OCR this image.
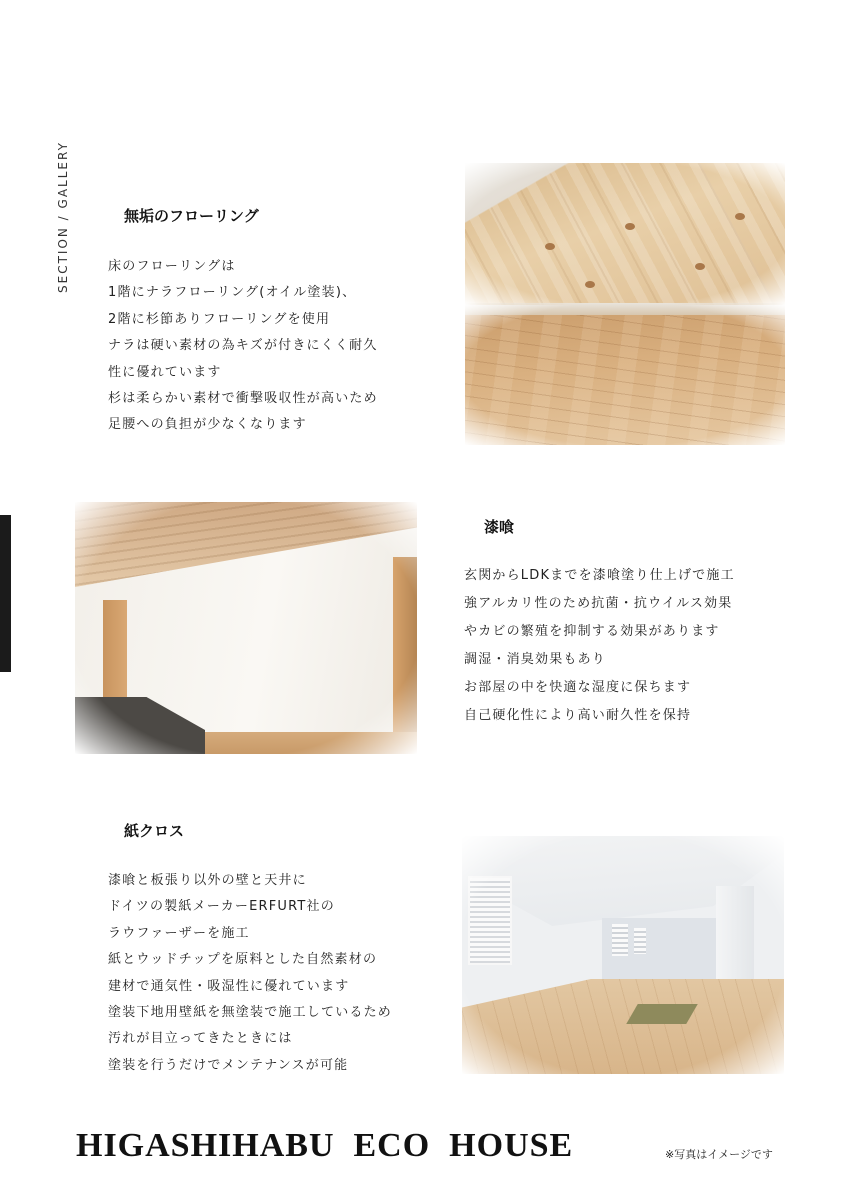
SECTION / GALLERY	無垢のフローリング
床のフローリングは
1階にナラフローリング(オイル塗装)、
2階に杉節ありフローリングを使用
ナラは硬い素材の為キズが付きにくく耐久
性に優れています
杉は柔らかい素材で衝撃吸収性が高いため
足腰への負担が少なくなります
漆喰
玄関からLDKまでを漆喰塗り仕上げで施工
強アルカリ性のため抗菌・抗ウイルス効果
やカビの繁殖を抑制する効果があります
調湿・消臭効果もあり
お部屋の中を快適な湿度に保ちます
自己硬化性により高い耐久性を保持
紙クロス
漆喰と板張り以外の壁と天井に
ドイツの製紙メーカーERFURT社の
ラウファーザーを施工
紙とウッドチップを原料とした自然素材の
建材で通気性・吸湿性に優れています
塗装下地用壁紙を無塗装で施工しているため
汚れが目立ってきたときには
塗装を行うだけでメンテナンスが可能
HIGASHIHABU  ECO  HOUSE	※写真はイメージです
